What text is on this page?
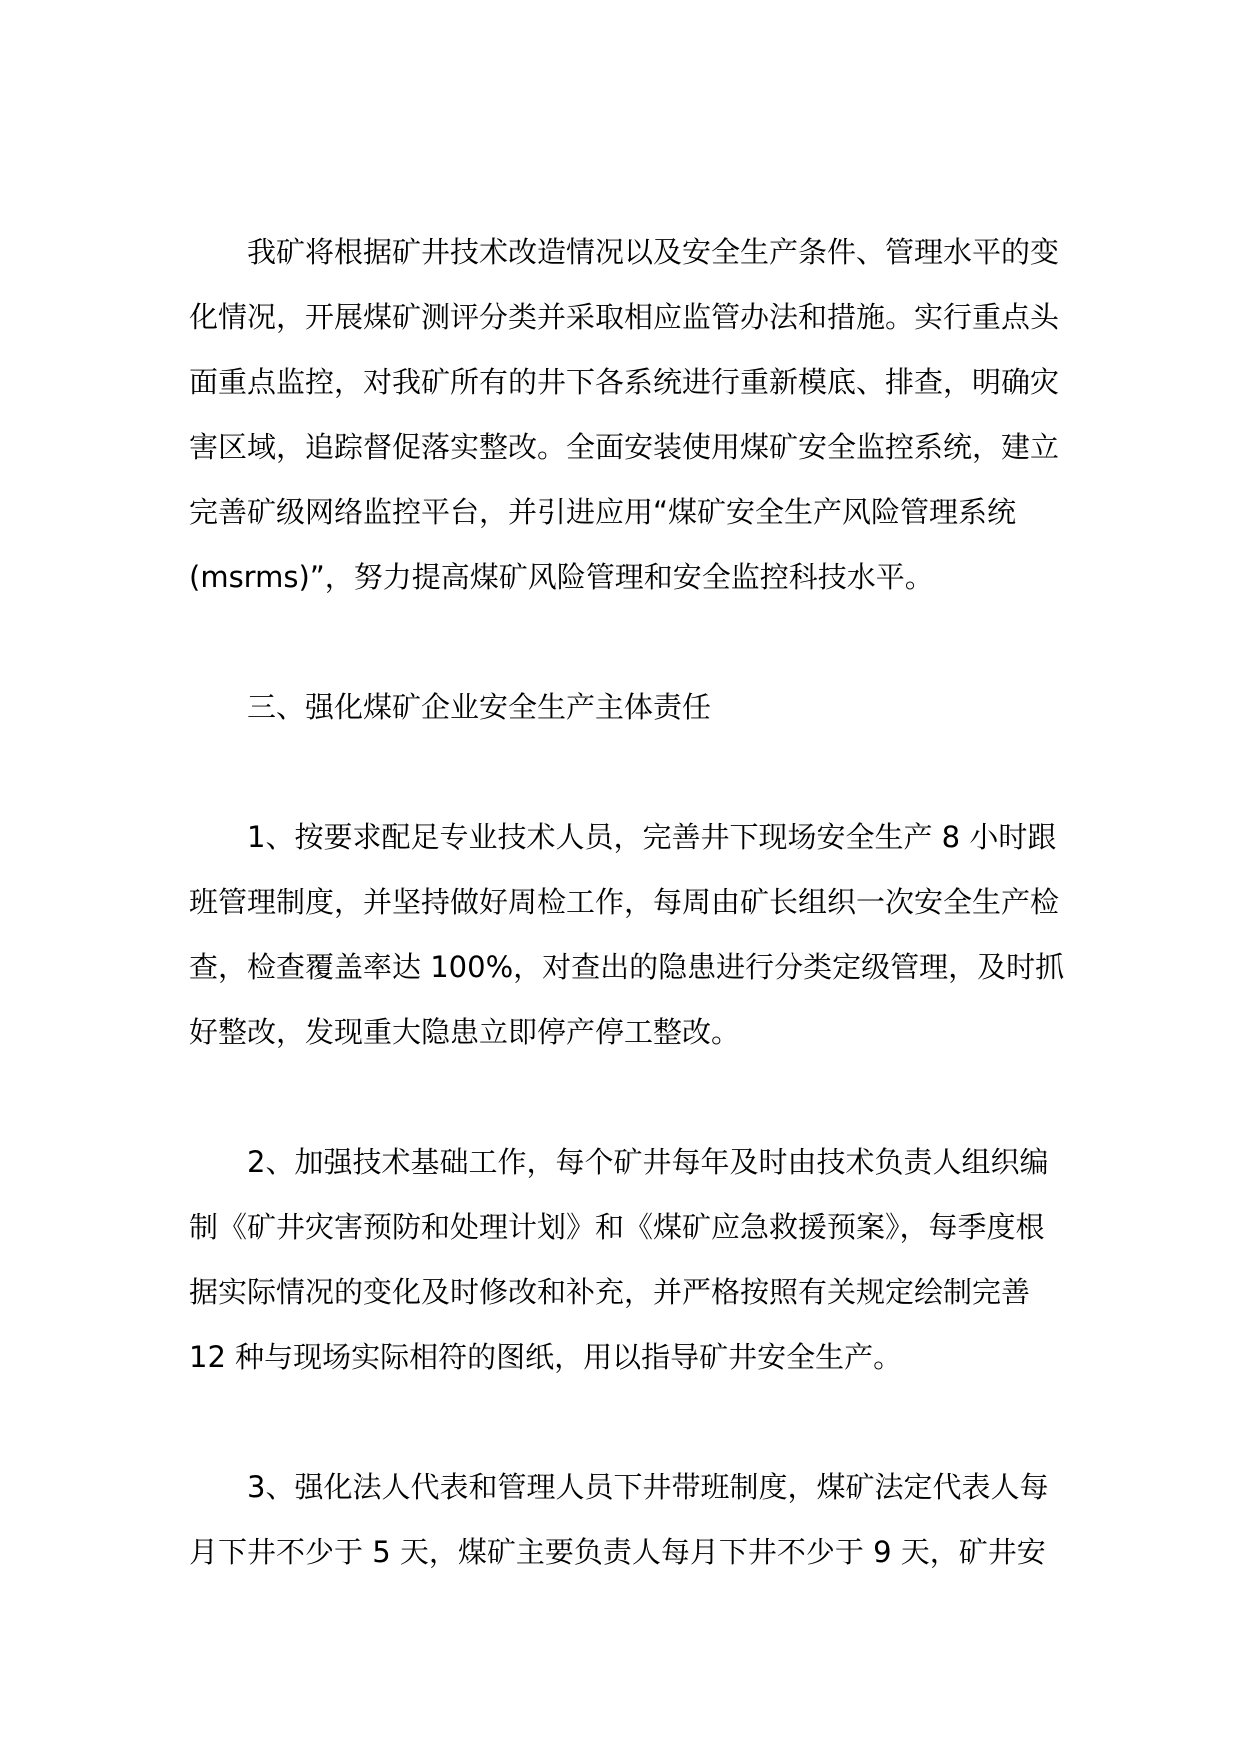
我矿将根据矿井技术改造情况以及安全生产条件、管理水平的变
化情况，开展煤矿测评分类并采取相应监管办法和措施。实行重点头
面重点监控，对我矿所有的井下各系统进行重新模底、排查，明确灾
害区域，追踪督促落实整改。全面安装使用煤矿安全监控系统，建立
完善矿级网络监控平台，并引进应用“煤矿安全生产风险管理系统
(msrms)”，努力提高煤矿风险管理和安全监控科技水平。
三、强化煤矿企业安全生产主体责任
1、按要求配足专业技术人员，完善井下现场安全生产 8 小时跟
班管理制度，并坚持做好周检工作，每周由矿长组织一次安全生产检
查，检查覆盖率达 100%，对查出的隐患进行分类定级管理，及时抓
好整改，发现重大隐患立即停产停工整改。
2、加强技术基础工作，每个矿井每年及时由技术负责人组织编
制《矿井灾害预防和处理计划》和《煤矿应急救援预案》，每季度根
据实际情况的变化及时修改和补充，并严格按照有关规定绘制完善
12 种与现场实际相符的图纸，用以指导矿井安全生产。
3、强化法人代表和管理人员下井带班制度，煤矿法定代表人每
月下井不少于 5 天，煤矿主要负责人每月下井不少于 9 天，矿井安
